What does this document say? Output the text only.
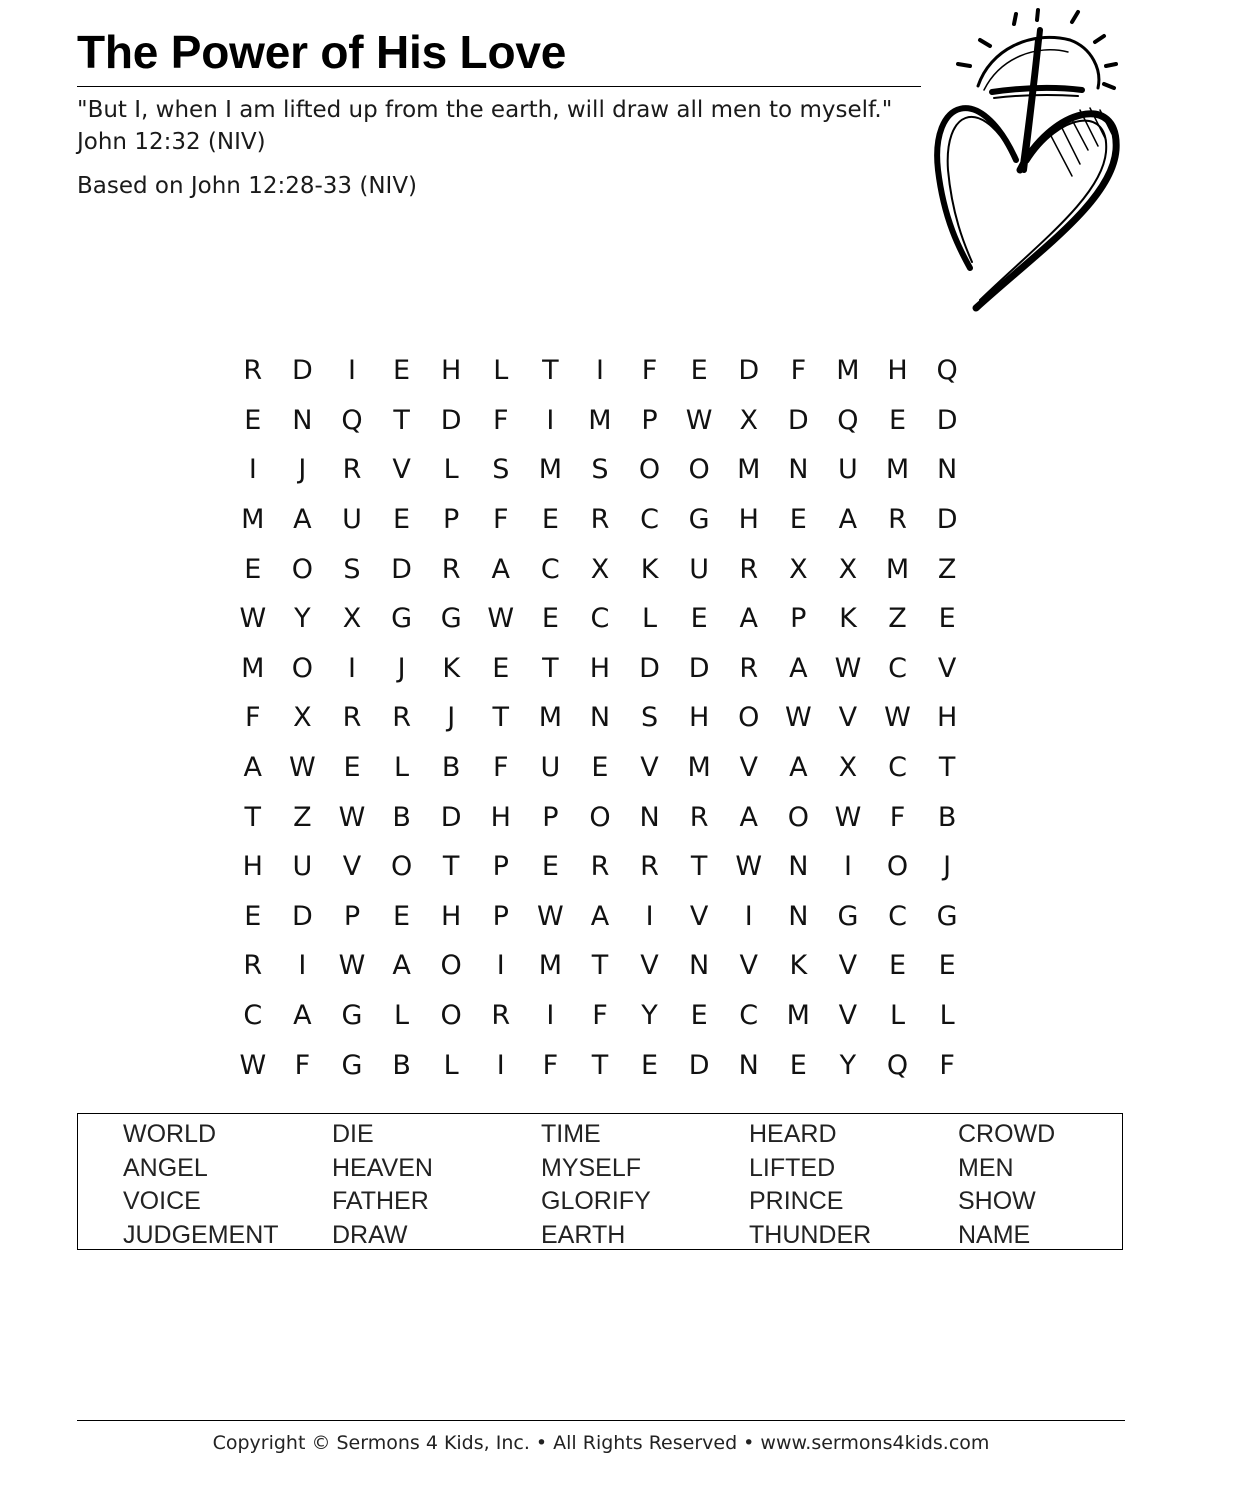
The Power of His Love
"But I, when I am lifted up from the earth, will draw all men to myself." John 12:32 (NIV)
Based on John 12:28-33 (NIV)
R	D	I	E	H	L	T	I	F	E	D	F	M	H	Q
E	N	Q	T	D	F	I	M	P	W	X	D	Q	E	D
I	J	R	V	L	S	M	S	O	O	M	N	U	M	N
M	A	U	E	P	F	E	R	C	G	H	E	A	R	D
E	O	S	D	R	A	C	X	K	U	R	X	X	M	Z
W	Y	X	G	G W	E	C	L	E	A	P	K	Z	E
M	O	I	J	K	E	T	H	D	D	R	A	W C	V
F	X	R	R	J	T	M	N	S	H	O W	V	W H
A	W	E	L	B	F	U	E	V	M	V	A	X	C	T
T	Z W B	D	H	P	O	N	R	A	O W	F	B
H	U	V	O	T	P	E	R	R	T	W N	I	O	J
E	D	P	E	H	P	W	A	I	V	I	N	G	C	G
R	I	W	A	O	I	M	T	V	N	V	K	V	E	E
C	A	G	L	O	R	I	F	Y	E	C	M	V	L	L
W	F	G	B	L	I	F	T	E	D	N	E	Y	Q	F
WORLD	DIE	TIME	HEARD	CROWD
ANGEL	HEAVEN	MYSELF	LIFTED	MEN
VOICE	FATHER	GLORIFY	PRINCE	SHOW
JUDGEMENT	DRAW	EARTH	THUNDER	NAME
Copyright © Sermons 4 Kids, Inc. • All Rights Reserved • www.sermons4kids.com
